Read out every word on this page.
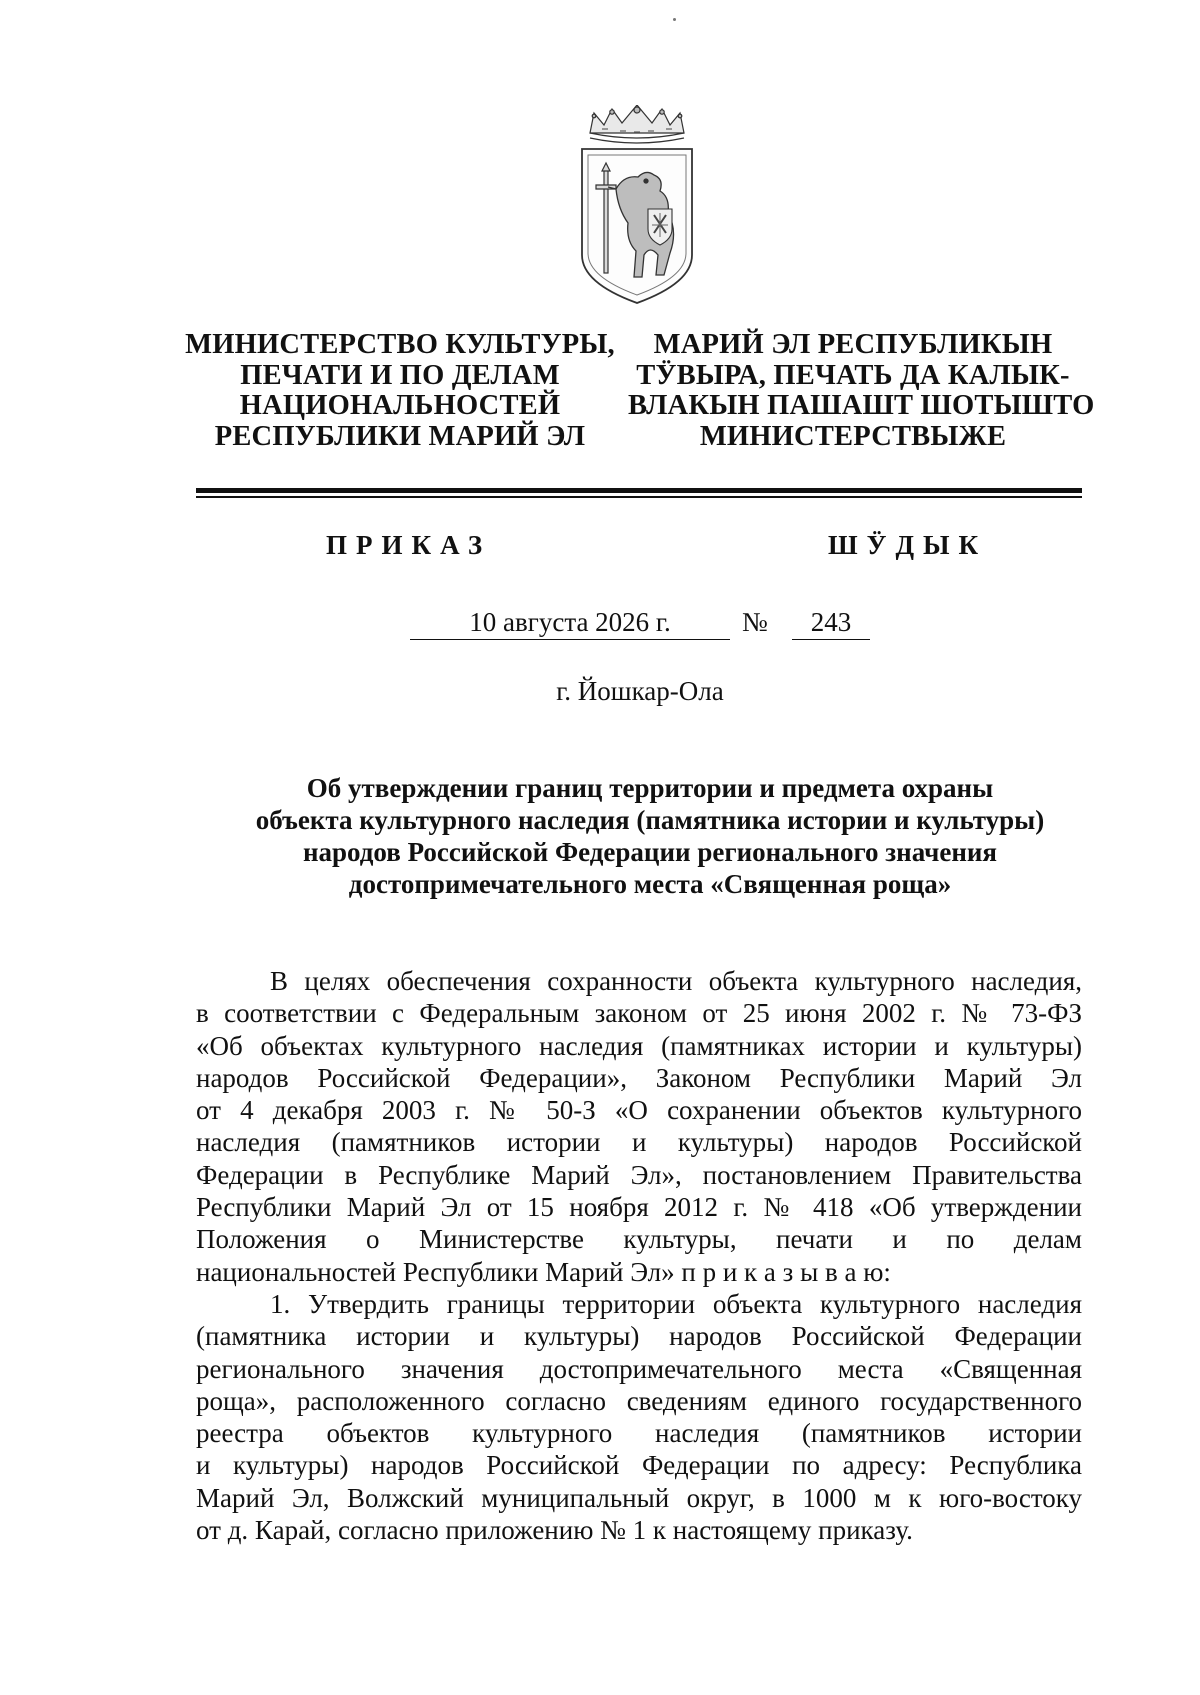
МИНИСТЕРСТВО КУЛЬТУРЫ,
ПЕЧАТИ И ПО ДЕЛАМ
НАЦИОНАЛЬНОСТЕЙ
РЕСПУБЛИКИ МАРИЙ ЭЛ
МАРИЙ ЭЛ РЕСПУБЛИКЫН
ТӰВЫРА, ПЕЧАТЬ ДА КАЛЫК-
ВЛАКЫН ПАШАШТ ШОТЫШТО
МИНИСТЕРСТВЫЖЕ
ПРИКАЗ	ШӰДЫК
10 августа 2026 г.	№	243
г. Йошкар-Ола
Об утверждении границ территории и предмета охраны
объекта культурного наследия (памятника истории и культуры)
народов Российской Федерации регионального значения
достопримечательного места «Священная роща»
В целях обеспечения сохранности объекта культурного наследия,
в соответствии с Федеральным законом от 25 июня 2002 г. № 73-ФЗ
«Об объектах культурного наследия (памятниках истории и культуры)
народов Российской Федерации», Законом Республики Марий Эл
от 4 декабря 2003 г. № 50-З «О сохранении объектов культурного
наследия (памятников истории и культуры) народов Российской
Федерации в Республике Марий Эл», постановлением Правительства
Республики Марий Эл от 15 ноября 2012 г. № 418 «Об утверждении
Положения о Министерстве культуры, печати и по делам
национальностей Республики Марий Эл» п р и к а з ы в а ю:
1. Утвердить границы территории объекта культурного наследия
(памятника истории и культуры) народов Российской Федерации
регионального значения достопримечательного места «Священная
роща», расположенного согласно сведениям единого государственного
реестра объектов культурного наследия (памятников истории
и культуры) народов Российской Федерации по адресу: Республика
Марий Эл, Волжский муниципальный округ, в 1000 м к юго-востоку
от д. Карай, согласно приложению № 1 к настоящему приказу.
